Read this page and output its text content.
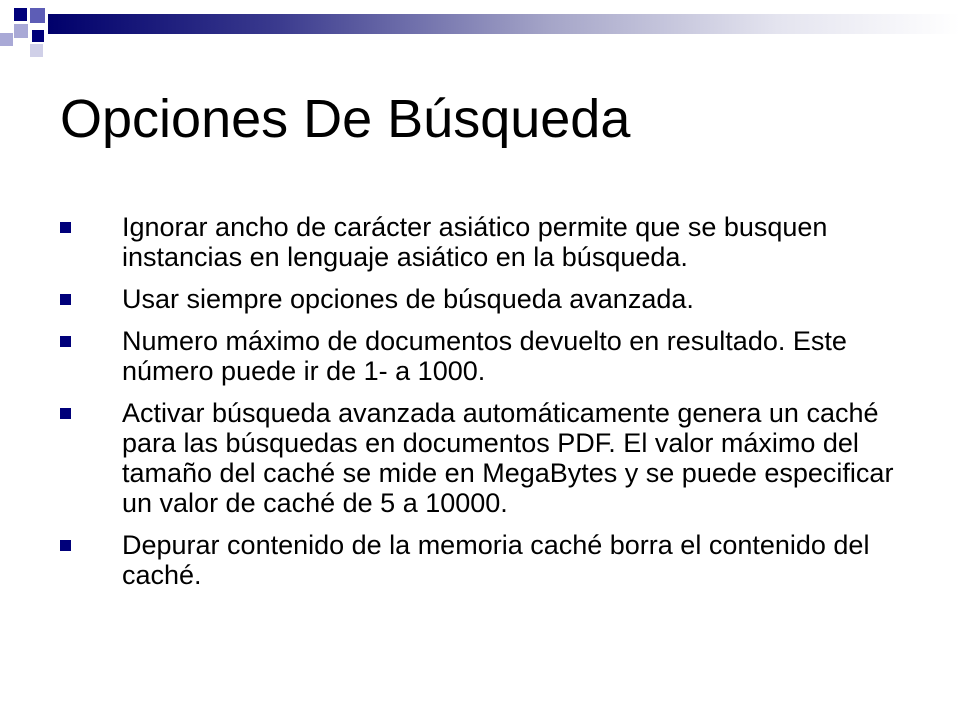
Opciones De Búsqueda
Ignorar ancho de carácter asiático permite que se busquen instancias en lenguaje asiático en la búsqueda.
Usar siempre opciones de búsqueda avanzada.
Numero máximo de documentos devuelto en resultado. Este número puede ir de 1- a 1000.
Activar búsqueda avanzada automáticamente genera un caché para las búsquedas en documentos PDF. El valor máximo del tamaño del caché se mide en MegaBytes y se puede especificar un valor de caché de 5 a 10000.
Depurar contenido de la memoria caché borra el contenido del caché.
